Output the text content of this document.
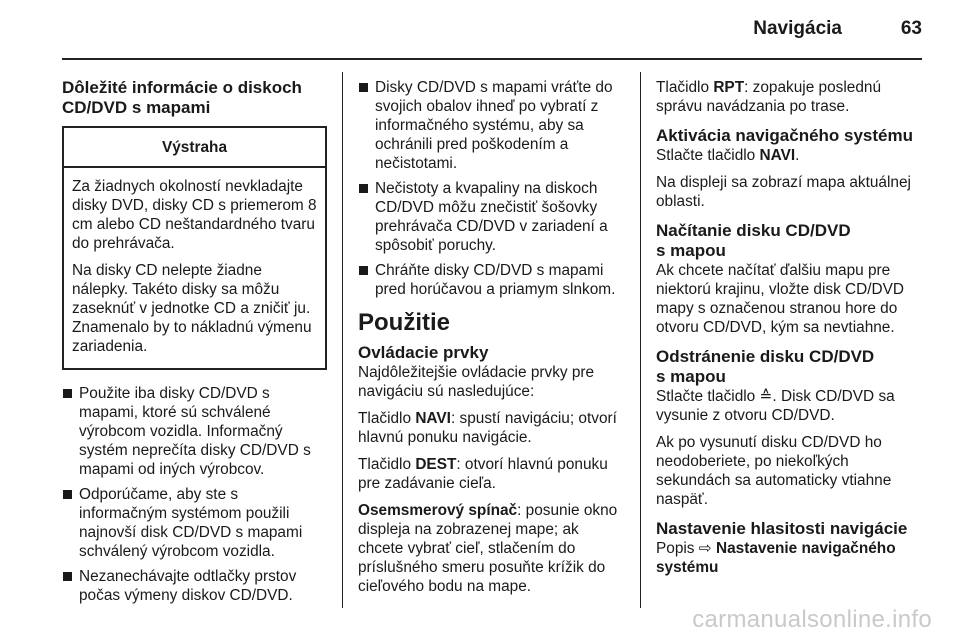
Navigácia	63
Dôležité informácie o diskoch
CD/DVD s mapami
Výstraha

Za žiadnych okolností nevkladajte disky DVD, disky CD s priemerom 8 cm alebo CD neštandardného tvaru do prehrávača.

Na disky CD nelepte žiadne nálepky. Takéto disky sa môžu zaseknúť v jednotke CD a zničiť ju. Znamenalo by to nákladnú výmenu zariadenia.

Použite iba disky CD/DVD s mapami, ktoré sú schválené výrobcom vozidla. Informačný systém neprečíta disky CD/DVD s mapami od iných výrobcov.
Odporúčame, aby ste s informačným systémom použili najnovší disk CD/DVD s mapami schválený výrobcom vozidla.
Nezanechávajte odtlačky prstov počas výmeny diskov CD/DVD.
Disky CD/DVD s mapami vráťte do svojich obalov ihneď po vybratí z informačného systému, aby sa ochránili pred poškodením a nečistotami.
Nečistoty a kvapaliny na diskoch CD/DVD môžu znečistiť šošovky prehrávača CD/DVD v zariadení a spôsobiť poruchy.
Chráňte disky CD/DVD s mapami pred horúčavou a priamym slnkom.
Použitie
Ovládacie prvky

Najdôležitejšie ovládacie prvky pre navigáciu sú nasledujúce:

Tlačidlo NAVI: spustí navigáciu; otvorí hlavnú ponuku navigácie.

Tlačidlo DEST: otvorí hlavnú ponuku pre zadávanie cieľa.

Osemsmerový spínač: posunie okno displeja na zobrazenej mape; ak chcete vybrať cieľ, stlačením do príslušného smeru posuňte krížik do cieľového bodu na mape.

Tlačidlo RPT: zopakuje poslednú správu navádzania po trase.

Aktivácia navigačného systému

Stlačte tlačidlo NAVI.

Na displeji sa zobrazí mapa aktuálnej oblasti.

Načítanie disku CD/DVD
s mapou

Ak chcete načítať ďalšiu mapu pre niektorú krajinu, vložte disk CD/DVD mapy s označenou stranou hore do otvoru CD/DVD, kým sa nevtiahne.

Odstránenie disku CD/DVD
s mapou

Stlačte tlačidlo ≙. Disk CD/DVD sa vysunie z otvoru CD/DVD.

Ak po vysunutí disku CD/DVD ho neodoberiete, po niekoľkých sekundách sa automaticky vtiahne naspäť.

Nastavenie hlasitosti navigácie

Popis ⇨ Nastavenie navigačného systému

carmanualsonline.info
